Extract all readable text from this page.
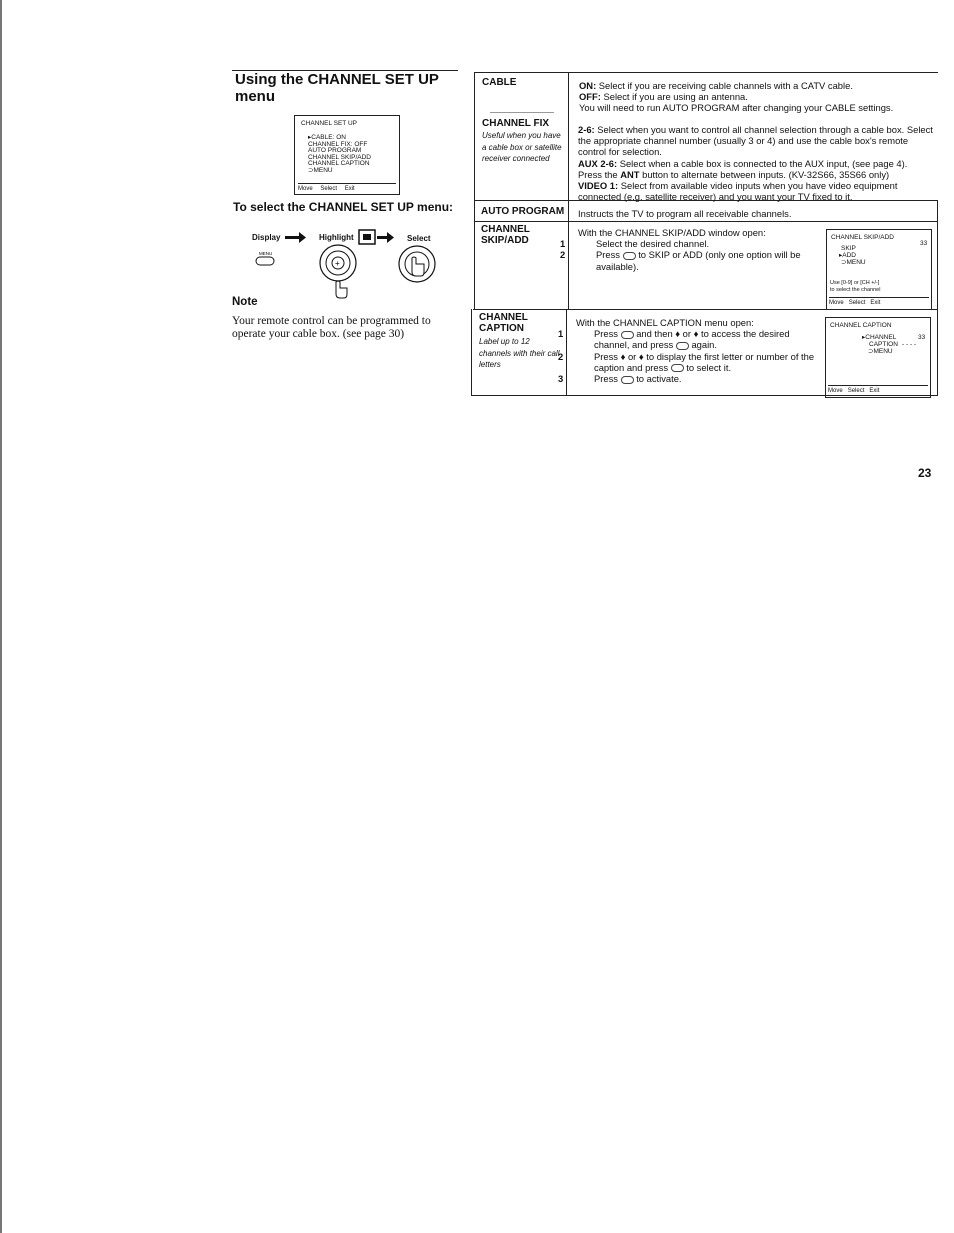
Using the CHANNEL SET UP menu
CHANNEL SET UP
▸CABLE: ON
CHANNEL FIX: OFF
AUTO PROGRAM
CHANNEL SKIP/ADD
CHANNEL CAPTION
⊃MENU
Move Select Exit
To select the CHANNEL SET UP menu:
Display	Highlight	Select
MENU
+
Note
Your remote control can be programmed to operate your cable box. (see page 30)
CABLE	ON: Select if you are receiving cable channels with a CATV cable.
OFF: Select if you are using an antenna.
You will need to run AUTO PROGRAM after changing your CABLE settings.
CHANNEL FIX
Useful when you have a cable box or satellite receiver connected
2-6: Select when you want to control all channel selection through a cable box. Select the appropriate channel number (usually 3 or 4) and use the cable box's remote control for selection.
AUX 2-6: Select when a cable box is connected to the AUX input, (see page 4). Press the ANT button to alternate between inputs. (KV-32S66, 35S66 only)
VIDEO 1: Select from available video inputs when you have video equipment connected (e.g. satellite receiver) and you want your TV fixed to it.
AUTO PROGRAM Instructs the TV to program all receivable channels.
CHANNEL SKIP/ADD
With the CHANNEL SKIP/ADD window open:
1	Select the desired channel.
2	Press to SKIP or ADD (only one option will be available).
CHANNEL SKIP/ADD
SKIP
33
▸ADD
⊃MENU
Use [0-9] or [CH +/-]
to select the channel
Move Select Exit
CHANNEL CAPTION
Label up to 12 channels with their call letters
With the CHANNEL CAPTION menu open:
1	Press and then ♦ or ♦ to access the desired channel, and press again.
2	Press ♦ or ♦ to display the first letter or number of the caption and press to select it.
3	Press to activate.
CHANNEL CAPTION
▸CHANNEL	33
CAPTION - - - -
⊃MENU
Move Select Exit
23
